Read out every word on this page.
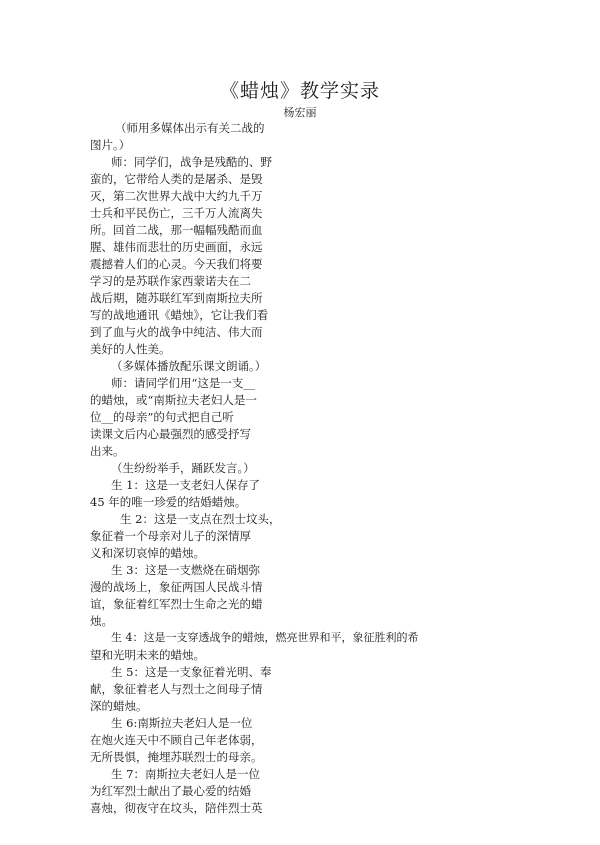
《蜡烛》教学实录
杨宏丽
（师用多媒体出示有关二战的
图片。）
师：同学们，战争是残酷的、野
蛮的，它带给人类的是屠杀、是毁
灭，第二次世界大战中大约九千万
士兵和平民伤亡，三千万人流离失
所。回首二战，那一幅幅残酷而血
腥、雄伟而悲壮的历史画面，永远
震撼着人们的心灵。今天我们将要
学习的是苏联作家西蒙诺夫在二
战后期，随苏联红军到南斯拉夫所
写的战地通讯《蜡烛》，它让我们看
到了血与火的战争中纯洁、伟大而
美好的人性美。
（多媒体播放配乐课文朗诵。）
师：请同学们用“这是一支__
的蜡烛，或“南斯拉夫老妇人是一
位__的母亲”的句式把自己听
读课文后内心最强烈的感受抒写
出来。
（生纷纷举手，踊跃发言。）
生 1：这是一支老妇人保存了
45 年的唯一珍爱的结婚蜡烛。
生 2：这是一支点在烈士坟头，
象征着一个母亲对儿子的深情厚
义和深切哀悼的蜡烛。
生 3：这是一支燃烧在硝烟弥
漫的战场上，象征两国人民战斗情
谊，象征着红军烈士生命之光的蜡
烛。
生 4：这是一支穿透战争的蜡烛，燃亮世界和平，象征胜利的希
望和光明未来的蜡烛。
生 5：这是一支象征着光明、奉
献，象征着老人与烈士之间母子情
深的蜡烛。
生 6:南斯拉夫老妇人是一位
在炮火连天中不顾自己年老体弱，
无所畏惧，掩埋苏联烈士的母亲。
生 7：南斯拉夫老妇人是一位
为红军烈士献出了最心爱的结婚
喜烛，彻夜守在坟头，陪伴烈士英
